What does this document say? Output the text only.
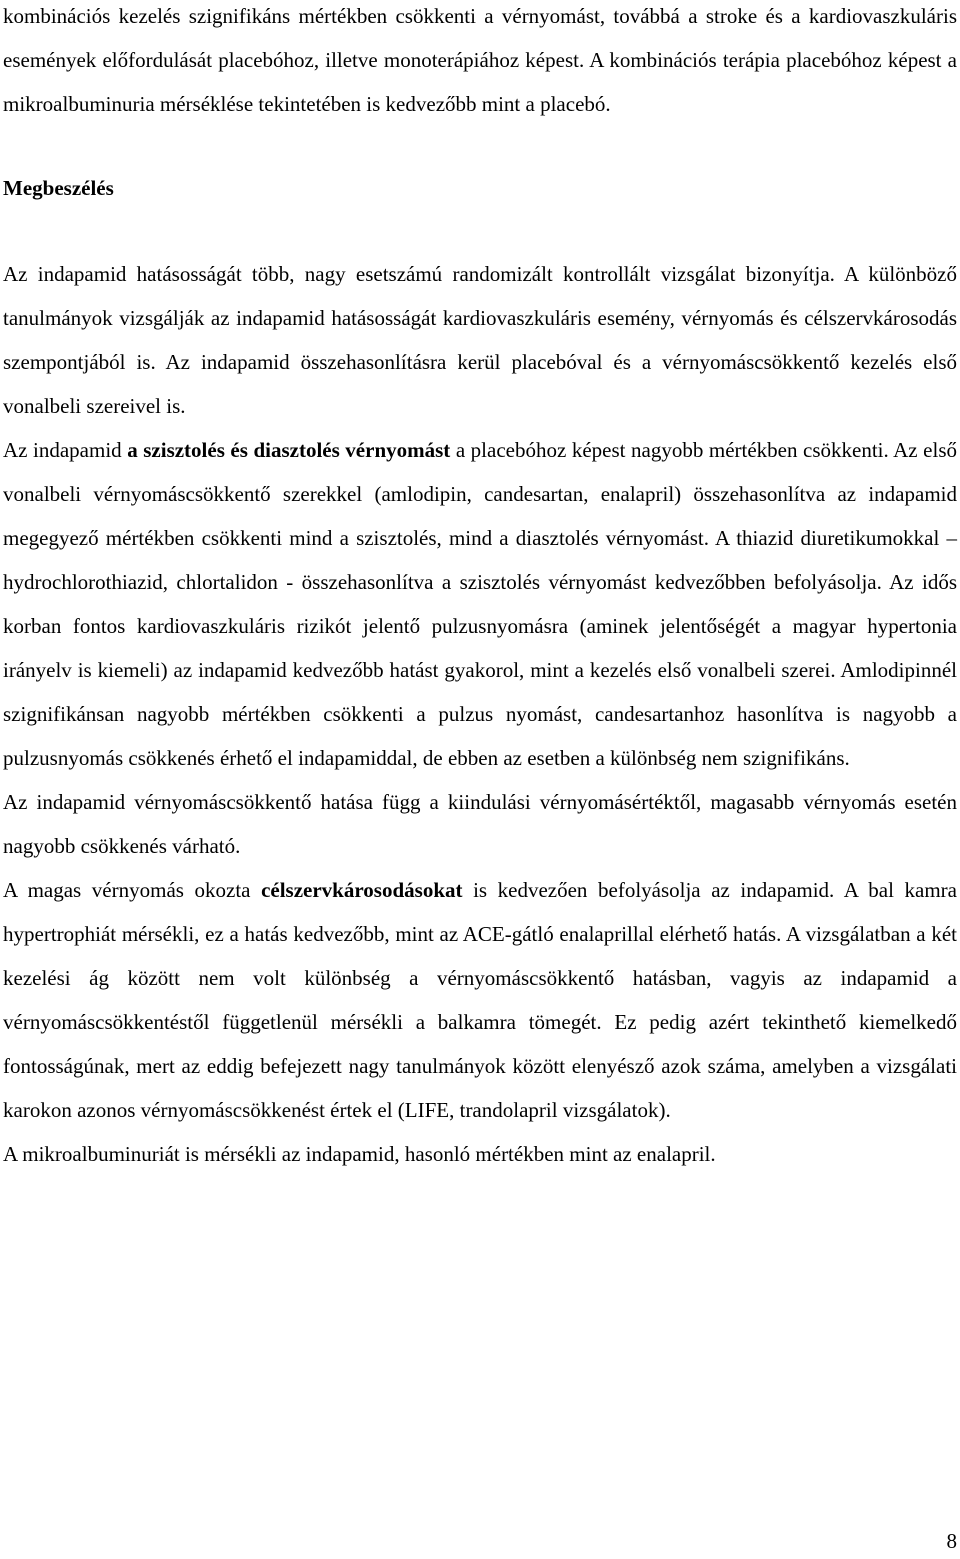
kombinációs kezelés szignifikáns mértékben csökkenti a vérnyomást, továbbá a stroke és a kardiovaszkuláris események előfordulását placebóhoz, illetve monoterápiához képest. A kombinációs terápia placebóhoz képest a mikroalbuminuria mérséklése tekintetében is kedvezőbb mint a placebó.

Megbeszélés

Az indapamid hatásosságát több, nagy esetszámú randomizált kontrollált vizsgálat bizonyítja. A különböző tanulmányok vizsgálják az indapamid hatásosságát kardiovaszkuláris esemény, vérnyomás és célszervkárosodás szempontjából is. Az indapamid összehasonlításra kerül placebóval és a vérnyomáscsökkentő kezelés első vonalbeli szereivel is.

Az indapamid a szisztolés és diasztolés vérnyomást a placebóhoz képest nagyobb mértékben csökkenti. Az első vonalbeli vérnyomáscsökkentő szerekkel (amlodipin, candesartan, enalapril) összehasonlítva az indapamid megegyező mértékben csökkenti mind a szisztolés, mind a diasztolés vérnyomást. A thiazid diuretikumokkal – hydrochlorothiazid, chlortalidon - összehasonlítva a szisztolés vérnyomást kedvezőbben befolyásolja. Az idős korban fontos kardiovaszkuláris rizikót jelentő pulzusnyomásra (aminek jelentőségét a magyar hypertonia irányelv is kiemeli) az indapamid kedvezőbb hatást gyakorol, mint a kezelés első vonalbeli szerei. Amlodipinnél szignifikánsan nagyobb mértékben csökkenti a pulzus nyomást, candesartanhoz hasonlítva is nagyobb a pulzusnyomás csökkenés érhető el indapamiddal, de ebben az esetben a különbség nem szignifikáns.

Az indapamid vérnyomáscsökkentő hatása függ a kiindulási vérnyomásértéktől, magasabb vérnyomás esetén nagyobb csökkenés várható.

A magas vérnyomás okozta célszervkárosodásokat is kedvezően befolyásolja az indapamid. A bal kamra hypertrophiát mérsékli, ez a hatás kedvezőbb, mint az ACE-gátló enalaprillal elérhető hatás. A vizsgálatban a két kezelési ág között nem volt különbség a vérnyomáscsökkentő hatásban, vagyis az indapamid a vérnyomáscsökkentéstől függetlenül mérsékli a balkamra tömegét. Ez pedig azért tekinthető kiemelkedő fontosságúnak, mert az eddig befejezett nagy tanulmányok között elenyésző azok száma, amelyben a vizsgálati karokon azonos vérnyomáscsökkenést értek el (LIFE, trandolapril vizsgálatok).

A mikroalbuminuriát is mérsékli az indapamid, hasonló mértékben mint az enalapril.

8
